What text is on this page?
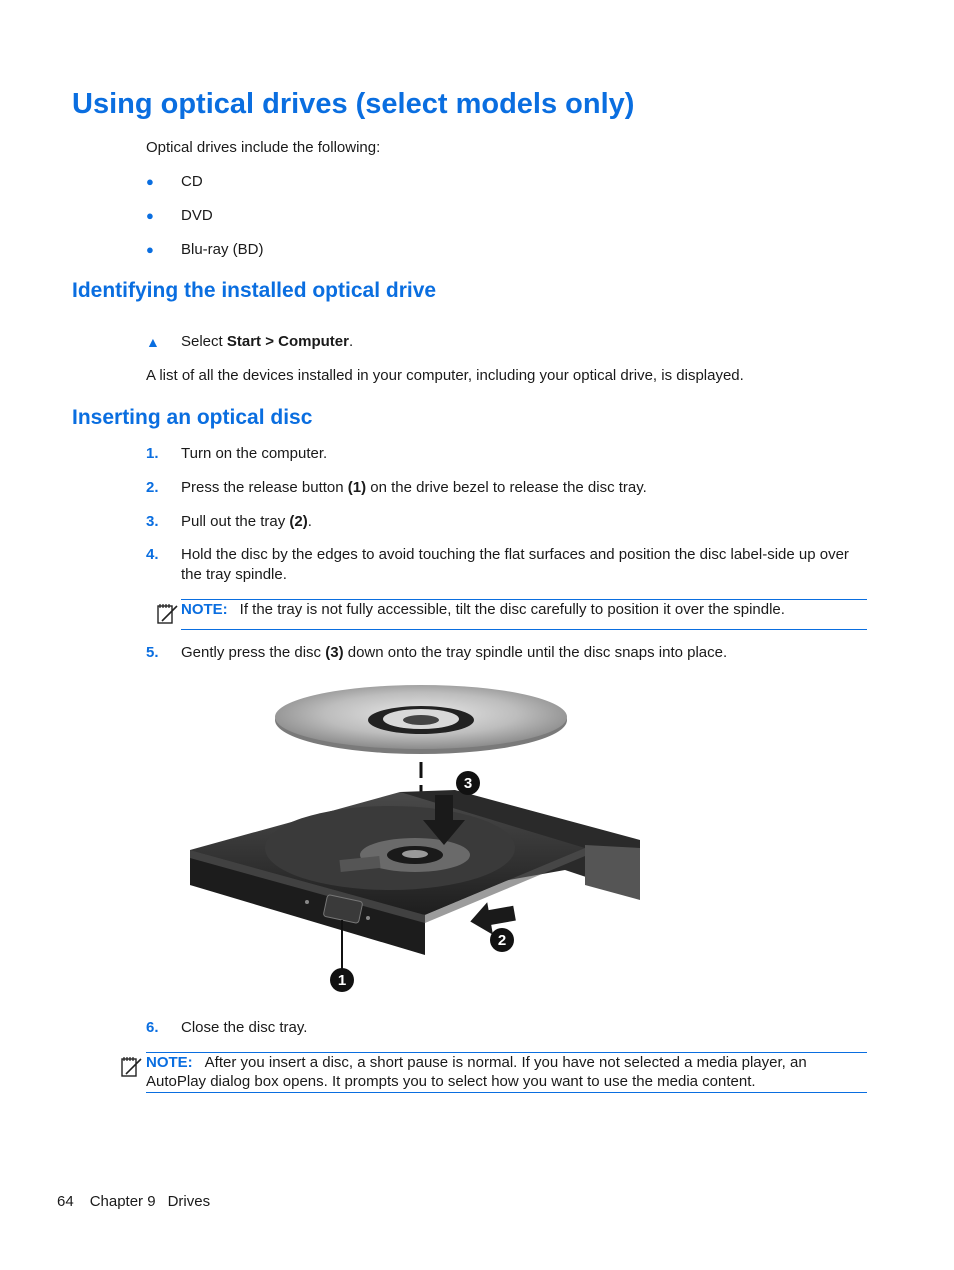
Using optical drives (select models only)
Optical drives include the following:
● CD
● DVD
● Blu-ray (BD)
Identifying the installed optical drive
▲ Select Start > Computer.
A list of all the devices installed in your computer, including your optical drive, is displayed.
Inserting an optical disc
1. Turn on the computer.
2. Press the release button (1) on the drive bezel to release the disc tray.
3. Pull out the tray (2).
4. Hold the disc by the edges to avoid touching the flat surfaces and position the disc label-side up over the tray spindle.
NOTE: If the tray is not fully accessible, tilt the disc carefully to position it over the spindle.
5. Gently press the disc (3) down onto the tray spindle until the disc snaps into place.
1
2
3
6. Close the disc tray.
NOTE: After you insert a disc, a short pause is normal. If you have not selected a media player, an AutoPlay dialog box opens. It prompts you to select how you want to use the media content.
64 Chapter 9 Drives
